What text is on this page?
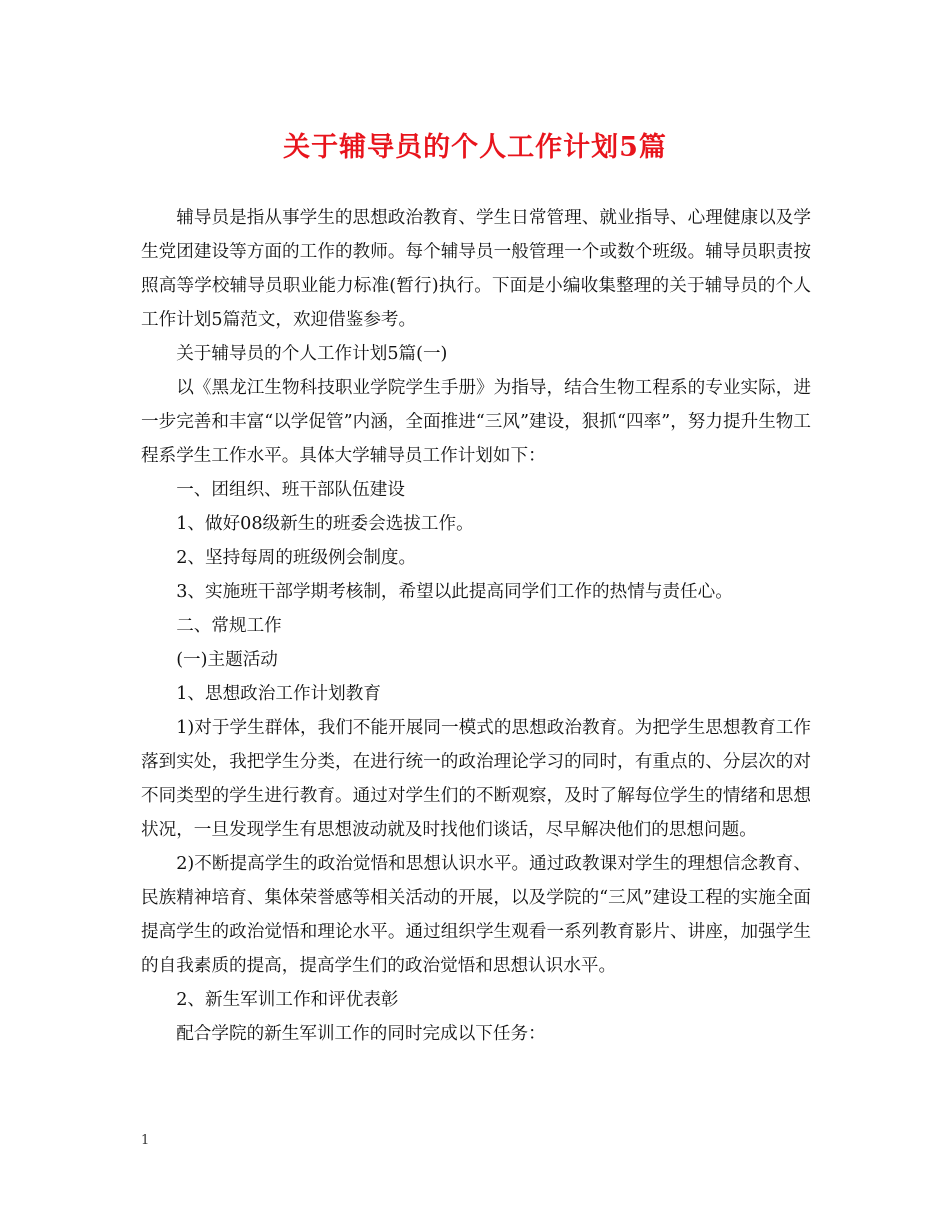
关于辅导员的个人工作计划5篇

辅导员是指从事学生的思想政治教育、学生日常管理、就业指导、心理健康以及学生党团建设等方面的工作的教师。每个辅导员一般管理一个或数个班级。辅导员职责按照高等学校辅导员职业能力标准(暂行)执行。下面是小编收集整理的关于辅导员的个人工作计划5篇范文，欢迎借鉴参考。

关于辅导员的个人工作计划5篇(一)

以《黑龙江生物科技职业学院学生手册》为指导，结合生物工程系的专业实际，进一步完善和丰富“以学促管”内涵，全面推进“三风”建设，狠抓“四率”，努力提升生物工程系学生工作水平。具体大学辅导员工作计划如下：

一、团组织、班干部队伍建设

1、做好08级新生的班委会选拔工作。

2、坚持每周的班级例会制度。

3、实施班干部学期考核制，希望以此提高同学们工作的热情与责任心。

二、常规工作

(一)主题活动

1、思想政治工作计划教育

1)对于学生群体，我们不能开展同一模式的思想政治教育。为把学生思想教育工作落到实处，我把学生分类，在进行统一的政治理论学习的同时，有重点的、分层次的对不同类型的学生进行教育。通过对学生们的不断观察，及时了解每位学生的情绪和思想状况，一旦发现学生有思想波动就及时找他们谈话，尽早解决他们的思想问题。

2)不断提高学生的政治觉悟和思想认识水平。通过政教课对学生的理想信念教育、民族精神培育、集体荣誉感等相关活动的开展，以及学院的“三风”建设工程的实施全面提高学生的政治觉悟和理论水平。通过组织学生观看一系列教育影片、讲座，加强学生的自我素质的提高，提高学生们的政治觉悟和思想认识水平。

2、新生军训工作和评优表彰

配合学院的新生军训工作的同时完成以下任务：

1
